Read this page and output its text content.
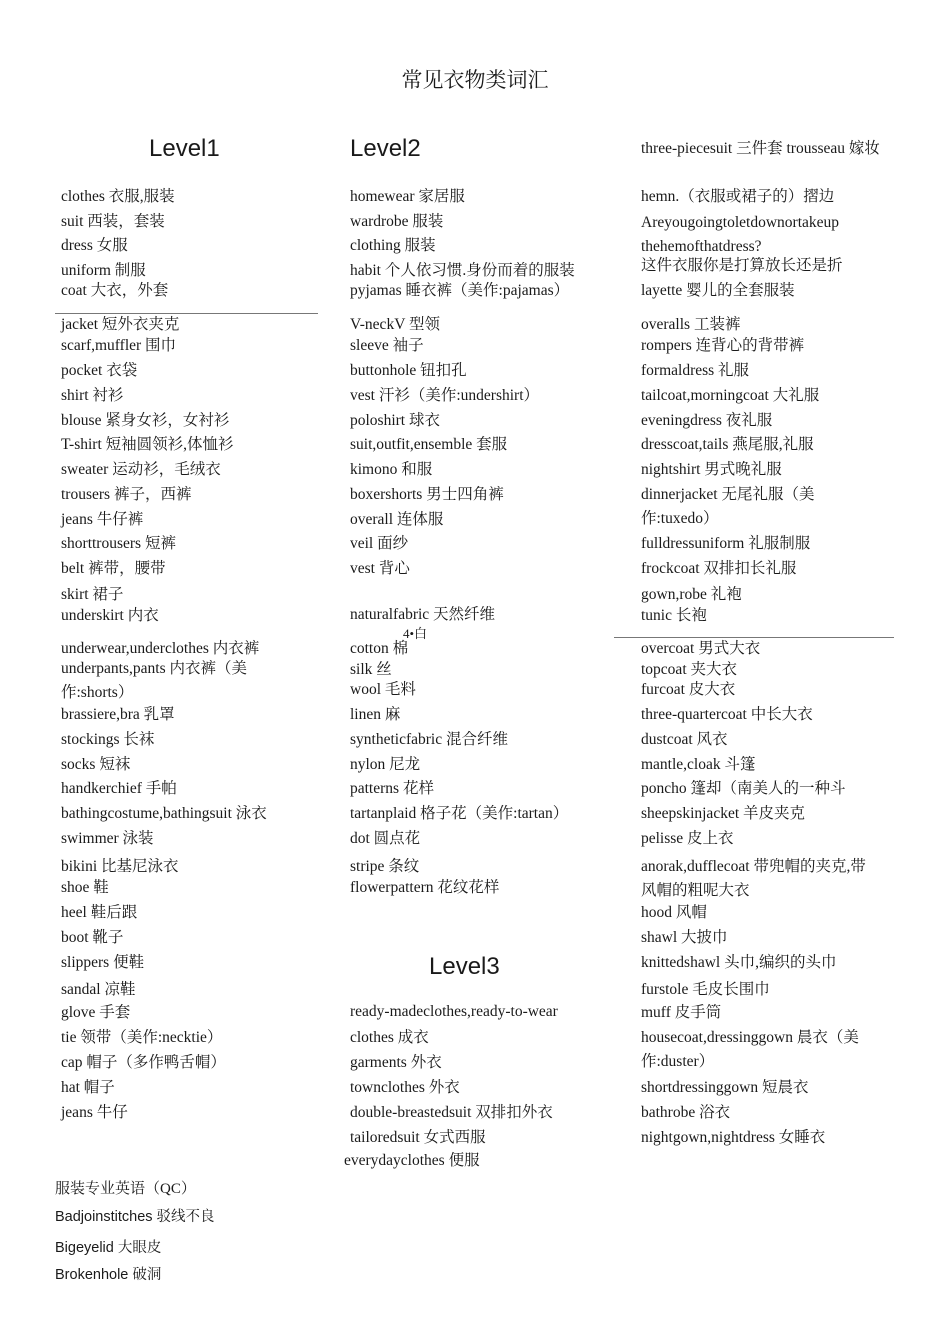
常见衣物类词汇
Level1	Level2
Level3
clothes 衣服,服装
suit 西装，套装
dress 女服
uniform 制服
coat 大衣，外套
jacket 短外衣夹克
scarf,muffler 围巾
pocket 衣袋
shirt 衬衫
blouse 紧身女衫，女衬衫
T-shirt 短袖圆领衫,体恤衫
sweater 运动衫，毛绒衣
trousers 裤子，西裤
jeans 牛仔裤
shorttrousers 短裤
belt 裤带，腰带
skirt 裙子
underskirt 内衣
underwear,underclothes 内衣裤
underpants,pants 内衣裤（美作:shorts）
brassiere,bra 乳罩
stockings 长袜
socks 短袜
handkerchief 手帕
bathingcostume,bathingsuit 泳衣
swimmer 泳装
bikini 比基尼泳衣
shoe 鞋
heel 鞋后跟
boot 靴子
slippers 便鞋
sandal 凉鞋
glove 手套
tie 领带（美作:necktie）
cap 帽子（多作鸭舌帽）
hat 帽子
jeans 牛仔
homewear 家居服
wardrobe 服装
clothing 服装
habit 个人依习惯.身份而着的服装
pyjamas 睡衣裤（美作:pajamas）
V-neckV 型领
sleeve 袖子
buttonhole 钮扣孔
vest 汗衫（美作:undershirt）
poloshirt 球衣
suit,outfit,ensemble 套服
kimono 和服
boxershorts 男士四角裤
overall 连体服
veil 面纱
vest 背心
naturalfabric 天然纤维
4•白
cotton 棉
silk 丝
wool 毛料
linen 麻
syntheticfabric 混合纤维
nylon 尼龙
patterns 花样
tartanplaid 格子花（美作:tartan）
dot 圆点花
stripe 条纹
flowerpattern 花纹花样
ready-madeclothes,ready-to-wear
clothes 成衣
garments 外衣
townclothes 外衣
double-breastedsuit 双排扣外衣
tailoredsuit 女式西服
everydayclothes 便服
three-piecesuit 三件套 trousseau 嫁妆
hemn.（衣服或裙子的）摺边
Areyougoingtoletdownortakeup
thehemofthatdress?
这件衣服你是打算放长还是折
layette 婴儿的全套服装
overalls 工装裤
rompers 连背心的背带裤
formaldress 礼服
tailcoat,morningcoat 大礼服
eveningdress 夜礼服
dresscoat,tails 燕尾服,礼服
nightshirt 男式晚礼服
dinnerjacket 无尾礼服（美作:tuxedo）
fulldressuniform 礼服制服
frockcoat 双排扣长礼服
gown,robe 礼袍
tunic 长袍
overcoat 男式大衣
topcoat 夹大衣
furcoat 皮大衣
three-quartercoat 中长大衣
dustcoat 风衣
mantle,cloak 斗篷
poncho 篷却（南美人的一种斗
sheepskinjacket 羊皮夹克
pelisse 皮上衣
anorak,dufflecoat 带兜帽的夹克,带风帽的粗呢大衣
hood 风帽
shawl 大披巾
knittedshawl 头巾,编织的头巾
furstole 毛皮长围巾
muff 皮手筒
housecoat,dressinggown 晨衣（美作:duster）
shortdressinggown 短晨衣
bathrobe 浴衣
nightgown,nightdress 女睡衣
服装专业英语（QC）
Badjoinstitches 驳线不良
Bigeyelid 大眼皮
Brokenhole 破洞
